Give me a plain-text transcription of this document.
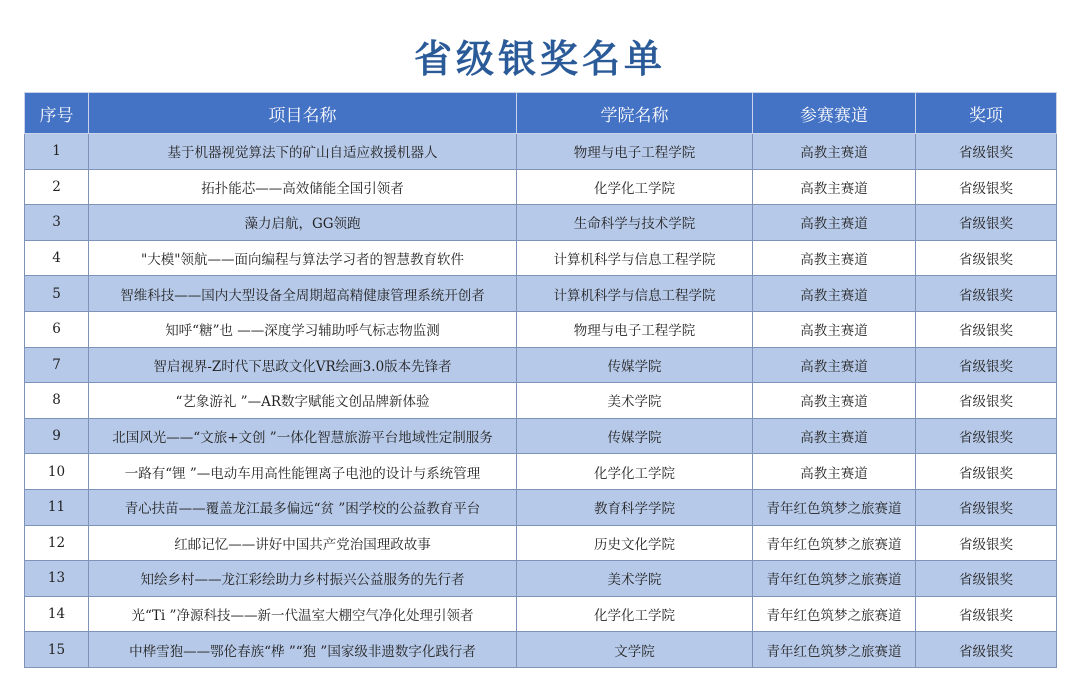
省级银奖名单
序号	项目名称	学院名称	参赛赛道	奖项
1	基于机器视觉算法下的矿山自适应救援机器人	物理与电子工程学院	高教主赛道	省级银奖
2	拓扑能芯——高效储能全国引领者	化学化工学院	高教主赛道	省级银奖
3	藻力启航，GG领跑	生命科学与技术学院	高教主赛道	省级银奖
4	"大模"领航——面向编程与算法学习者的智慧教育软件	计算机科学与信息工程学院	高教主赛道	省级银奖
5	智维科技——国内大型设备全周期超高精健康管理系统开创者	计算机科学与信息工程学院	高教主赛道	省级银奖
6	知呼“糖”也 ——深度学习辅助呼气标志物监测	物理与电子工程学院	高教主赛道	省级银奖
7	智启视界-Z时代下思政文化VR绘画3.0版本先锋者	传媒学院	高教主赛道	省级银奖
8	“艺象游礼 ”—AR数字赋能文创品牌新体验	美术学院	高教主赛道	省级银奖
9	北国风光——“文旅+文创 ”一体化智慧旅游平台地域性定制服务	传媒学院	高教主赛道	省级银奖
10	一路有“锂 ”—电动车用高性能锂离子电池的设计与系统管理	化学化工学院	高教主赛道	省级银奖
11	青心扶苗——覆盖龙江最多偏远“贫 ”困学校的公益教育平台	教育科学学院	青年红色筑梦之旅赛道	省级银奖
12	红邮记忆——讲好中国共产党治国理政故事	历史文化学院	青年红色筑梦之旅赛道	省级银奖
13	知绘乡村——龙江彩绘助力乡村振兴公益服务的先行者	美术学院	青年红色筑梦之旅赛道	省级银奖
14	光“Ti ”净源科技——新一代温室大棚空气净化处理引领者	化学化工学院	青年红色筑梦之旅赛道	省级银奖
15	中桦雪狍——鄂伦春族“桦 ”“狍 ”国家级非遗数字化践行者	文学院	青年红色筑梦之旅赛道	省级银奖
